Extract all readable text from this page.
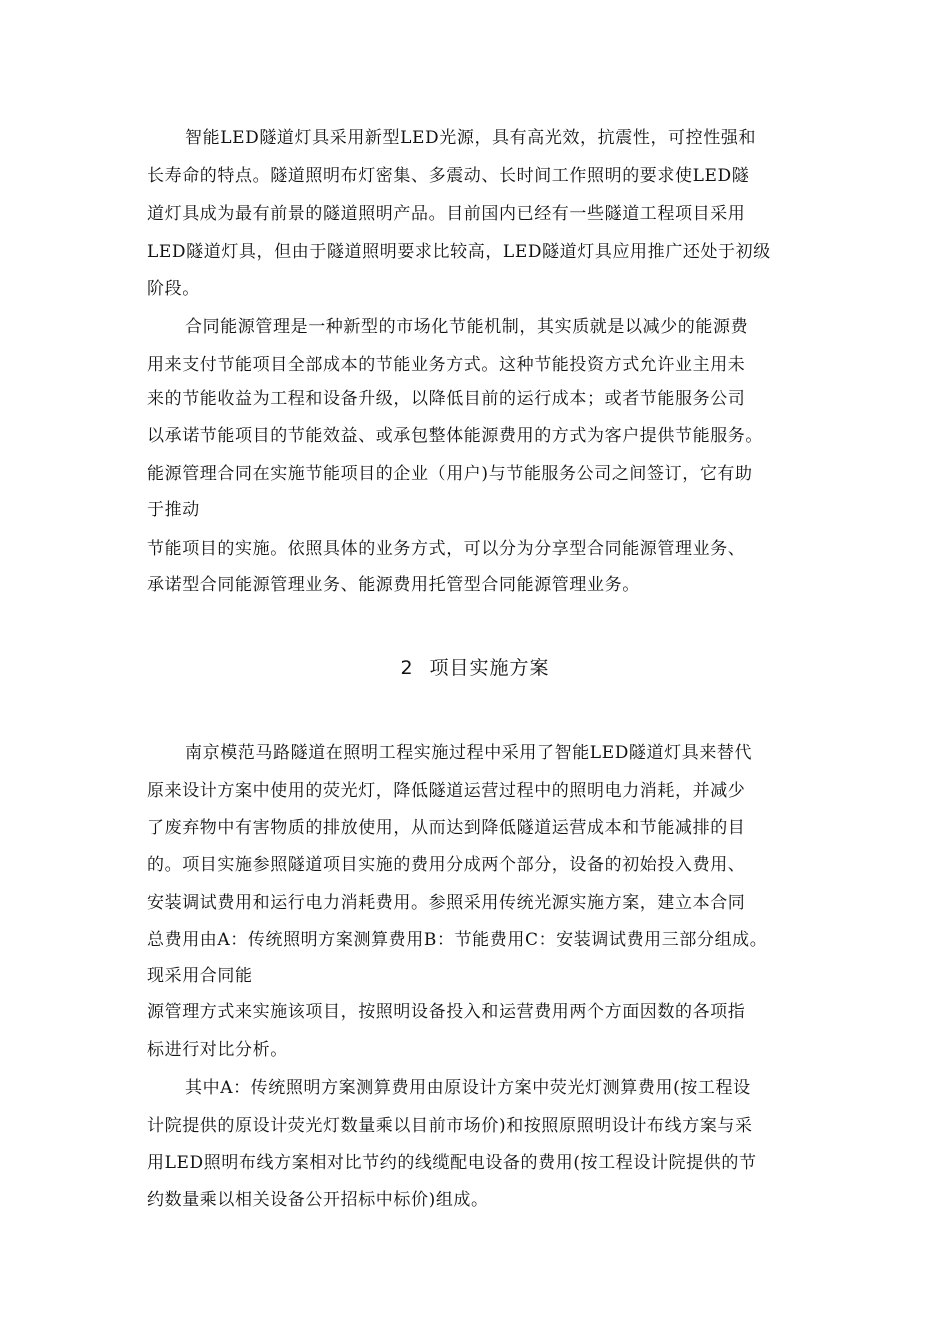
智能LED隧道灯具采用新型LED光源，具有高光效，抗震性，可控性强和
长寿命的特点。隧道照明布灯密集、多震动、长时间工作照明的要求使LED隧
道灯具成为最有前景的隧道照明产品。目前国内已经有一些隧道工程项目采用
LED隧道灯具，但由于隧道照明要求比较高，LED隧道灯具应用推广还处于初级
阶段。
合同能源管理是一种新型的市场化节能机制，其实质就是以减少的能源费
用来支付节能项目全部成本的节能业务方式。这种节能投资方式允许业主用未
来的节能收益为工程和设备升级，以降低目前的运行成本；或者节能服务公司
以承诺节能项目的节能效益、或承包整体能源费用的方式为客户提供节能服务。
能源管理合同在实施节能项目的企业（用户)与节能服务公司之间签订，它有助
于推动
节能项目的实施。依照具体的业务方式，可以分为分享型合同能源管理业务、
承诺型合同能源管理业务、能源费用托管型合同能源管理业务。
2 项目实施方案
南京模范马路隧道在照明工程实施过程中采用了智能LED隧道灯具来替代
原来设计方案中使用的荧光灯，降低隧道运营过程中的照明电力消耗，并减少
了废弃物中有害物质的排放使用，从而达到降低隧道运营成本和节能减排的目
的。项目实施参照隧道项目实施的费用分成两个部分，设备的初始投入费用、
安装调试费用和运行电力消耗费用。参照采用传统光源实施方案，建立本合同
总费用由A：传统照明方案测算费用B：节能费用C：安装调试费用三部分组成。
现采用合同能
源管理方式来实施该项目，按照明设备投入和运营费用两个方面因数的各项指
标进行对比分析。
其中A：传统照明方案测算费用由原设计方案中荧光灯测算费用(按工程设
计院提供的原设计荧光灯数量乘以目前市场价)和按照原照明设计布线方案与采
用LED照明布线方案相对比节约的线缆配电设备的费用(按工程设计院提供的节
约数量乘以相关设备公开招标中标价)组成。
